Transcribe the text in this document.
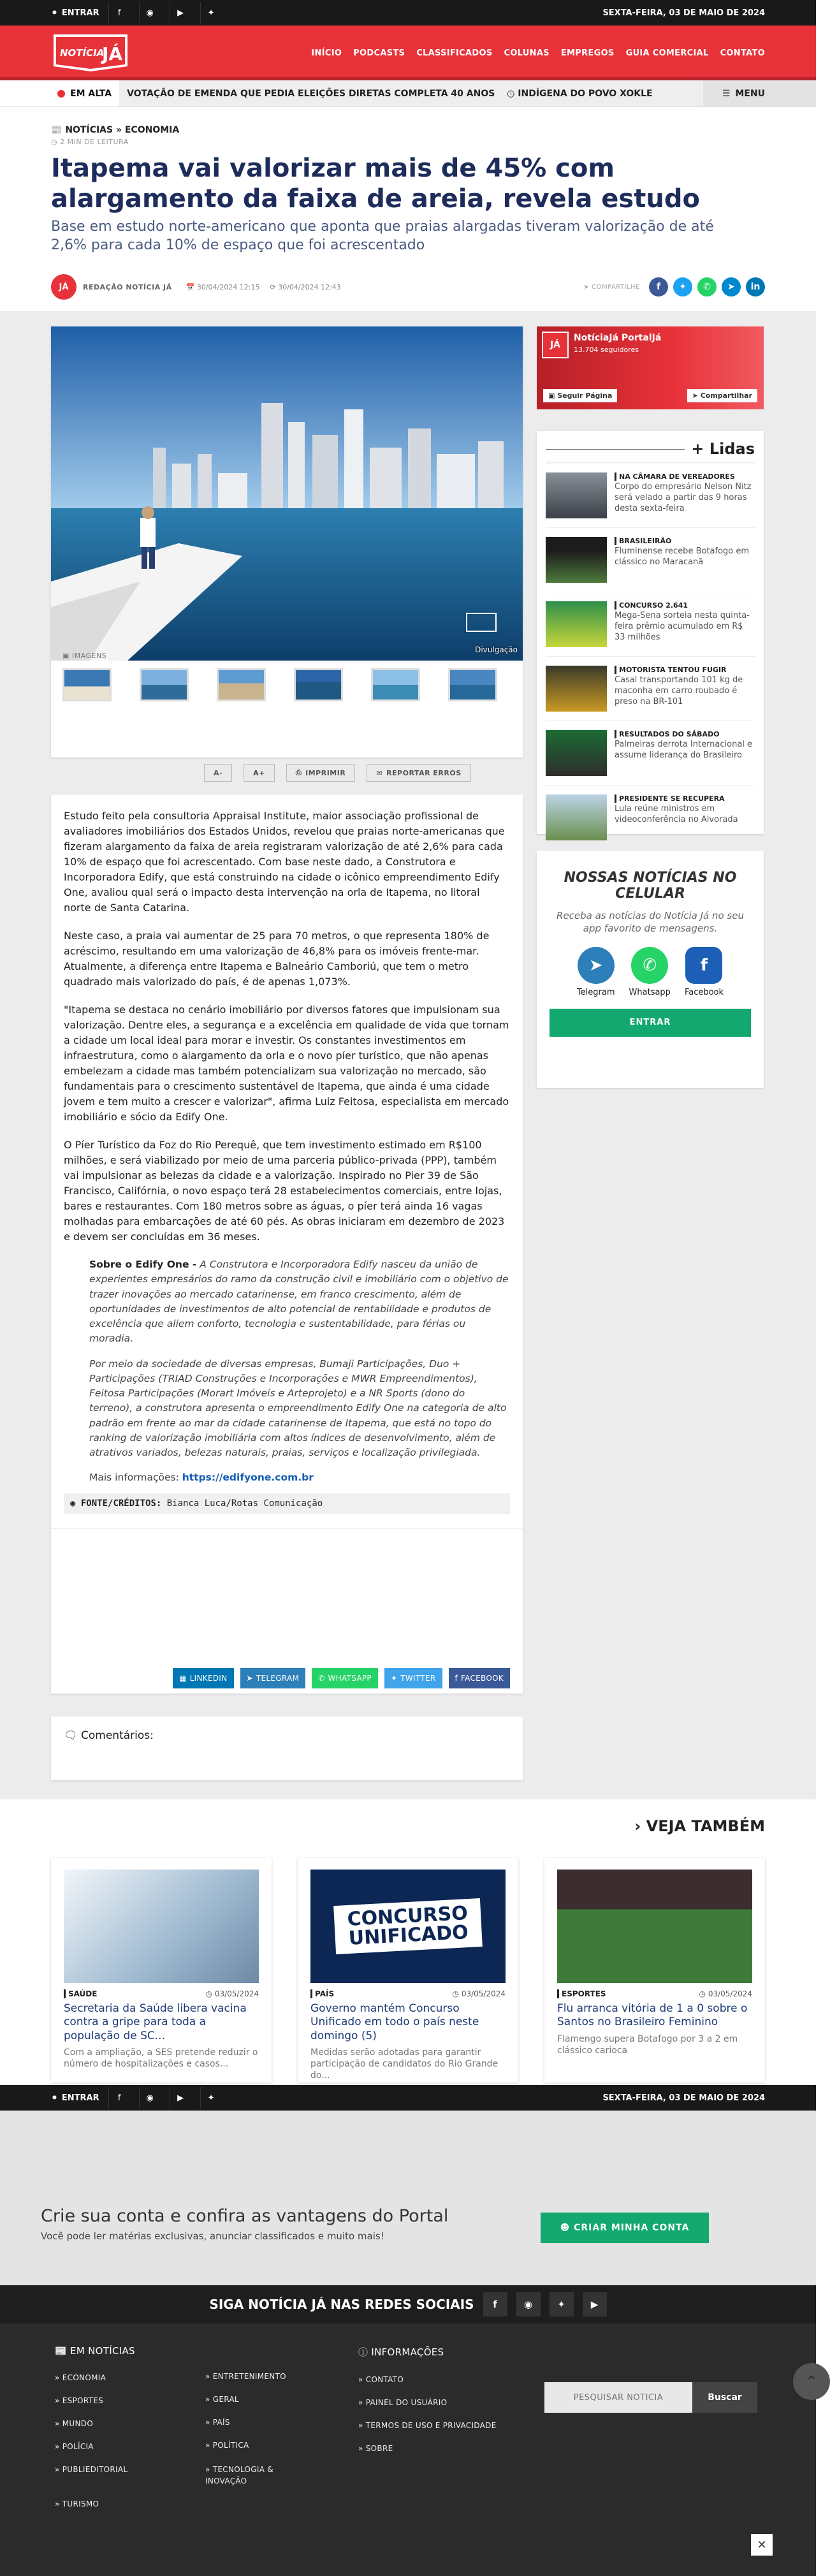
⚫ ENTRAR	f	◉	▶	✦	SEXTA-FEIRA, 03 DE MAIO DE 2024
NOTÍCIA
JÁ	INÍCIO PODCASTS CLASSIFICADOS COLUNAS EMPREGOS GUIA COMERCIAL CONTATO
EM ALTA	VOTAÇÃO DE EMENDA QUE PEDIA ELEIÇÕES DIRETAS COMPLETA 40 ANOS ◷ INDÍGENA DO POVO XOKLE	☰ MENU
📰 NOTÍCIAS » ECONOMIA
◷ 2 MIN DE LEITURA
Itapema vai valorizar mais de 45% com alargamento da faixa de areia, revela estudo

Base em estudo norte-americano que aponta que praias alargadas tiveram valorização de até 2,6% para cada 10% de espaço que foi acrescentado

JÁ	REDAÇÃO NOTÍCIA JÁ 📅 30/04/2024 12:15 ⟳ 30/04/2024 12:43	➤ COMPARTILHE	f	✦	✆	➤	in
Divulgação
▣ IMAGENS
A-	A+	⎙ IMPRIMIR	✉ REPORTAR ERROS

Estudo feito pela consultoria Appraisal Institute, maior associação profissional de avaliadores imobiliários dos Estados Unidos, revelou que praias norte-americanas que fizeram alargamento da faixa de areia registraram valorização de até 2,6% para cada 10% de espaço que foi acrescentado. Com base neste dado, a Construtora e Incorporadora Edify, que está construindo na cidade o icônico empreendimento Edify One, avaliou qual será o impacto desta intervenção na orla de Itapema, no litoral norte de Santa Catarina.

Neste caso, a praia vai aumentar de 25 para 70 metros, o que representa 180% de acréscimo, resultando em uma valorização de 46,8% para os imóveis frente-mar. Atualmente, a diferença entre Itapema e Balneário Camboriú, que tem o metro quadrado mais valorizado do país, é de apenas 1,073%.

"Itapema se destaca no cenário imobiliário por diversos fatores que impulsionam sua valorização. Dentre eles, a segurança e a excelência em qualidade de vida que tornam a cidade um local ideal para morar e investir. Os constantes investimentos em infraestrutura, como o alargamento da orla e o novo píer turístico, que não apenas embelezam a cidade mas também potencializam sua valorização no mercado, são fundamentais para o crescimento sustentável de Itapema, que ainda é uma cidade jovem e tem muito a crescer e valorizar", afirma Luiz Feitosa, especialista em mercado imobiliário e sócio da Edify One.

O Píer Turístico da Foz do Rio Perequê, que tem investimento estimado em R$100 milhões, e será viabilizado por meio de uma parceria público-privada (PPP), também vai impulsionar as belezas da cidade e a valorização. Inspirado no Pier 39 de São Francisco, Califórnia, o novo espaço terá 28 estabelecimentos comerciais, entre lojas, bares e restaurantes. Com 180 metros sobre as águas, o píer terá ainda 16 vagas molhadas para embarcações de até 60 pés. As obras iniciaram em dezembro de 2023 e devem ser concluídas em 36 meses.

Sobre o Edify One - A Construtora e Incorporadora Edify nasceu da união de experientes empresários do ramo da construção civil e imobiliário com o objetivo de trazer inovações ao mercado catarinense, em franco crescimento, além de oportunidades de investimentos de alto potencial de rentabilidade e produtos de excelência que aliem conforto, tecnologia e sustentabilidade, para férias ou moradia.

Por meio da sociedade de diversas empresas, Bumaji Participações, Duo + Participações (TRIAD Construções e Incorporações e MWR Empreendimentos), Feitosa Participações (Morart Imóveis e Arteprojeto) e a NR Sports (dono do terreno), a construtora apresenta o empreendimento Edify One na categoria de alto padrão em frente ao mar da cidade catarinense de Itapema, que está no topo do ranking de valorização imobiliária com altos índices de desenvolvimento, além de atrativos variados, belezas naturais, praias, serviços e localização privilegiada.

Mais informações: https://edifyone.com.br

◉ FONTE/CRÉDITOS: Bianca Luca/Rotas Comunicação
▦ LINKEDIN	➤ TELEGRAM	✆ WHATSAPP	✦ TWITTER	f FACEBOOK
🗨 Comentários:
JÁ
NotíciaJá PortalJá
13.704 seguidores
▣ Seguir Página	➤ Compartilhar
+ Lidas
NA CÂMARA DE VEREADORES
Corpo do empresário Nelson Nitz será velado a partir das 9 horas desta sexta-feira
BRASILEIRÃO
Fluminense recebe Botafogo em clássico no Maracanã
CONCURSO 2.641
Mega-Sena sorteia nesta quinta-feira prêmio acumulado em R$ 33 milhões
MOTORISTA TENTOU FUGIR
Casal transportando 101 kg de maconha em carro roubado é preso na BR-101
RESULTADOS DO SÁBADO
Palmeiras derrota Internacional e assume liderança do Brasileiro
PRESIDENTE SE RECUPERA
Lula reúne ministros em videoconferência no Alvorada
NOSSAS NOTÍCIAS NO CELULAR
Receba as notícias do Notícia Já no seu app favorito de mensagens.
➤
Telegram
✆
Whatsapp
f
Facebook
ENTRAR
› VEJA TAMBÉM
SAÚDE	◷ 03/05/2024
Secretaria da Saúde libera vacina contra a gripe para toda a população de SC...
Com a ampliação, a SES pretende reduzir o número de hospitalizações e casos...
CONCURSO UNIFICADO
PAÍS	◷ 03/05/2024
Governo mantém Concurso Unificado em todo o país neste domingo (5)
Medidas serão adotadas para garantir participação de candidatos do Rio Grande do...
ESPORTES	◷ 03/05/2024
Flu arranca vitória de 1 a 0 sobre o Santos no Brasileiro Feminino
Flamengo supera Botafogo por 3 a 2 em clássico carioca
⚫ ENTRAR	f	◉	▶	✦	SEXTA-FEIRA, 03 DE MAIO DE 2024
Crie sua conta e confira as vantagens do Portal
Você pode ler matérias exclusivas, anunciar classificados e muito mais!
☻
CRIAR MINHA CONTA
SIGA NOTÍCIA JÁ NAS REDES SOCIAIS	f	◉	✦	▶
📰 EM NOTÍCIAS
» ECONOMIA
» ESPORTES
» MUNDO
» POLÍCIA
» PUBLIEDITORIAL
» TURISMO
» ENTRETENIMENTO
» GERAL
» PAÍS
» POLÍTICA
» TECNOLOGIA & INOVAÇÃO
ⓘ INFORMAÇÕES
» CONTATO
» PAINEL DO USUÁRIO
» TERMOS DE USO E PRIVACIDADE
» SOBRE
PESQUISAR NOTÍCIA
Buscar
⌃
✕
